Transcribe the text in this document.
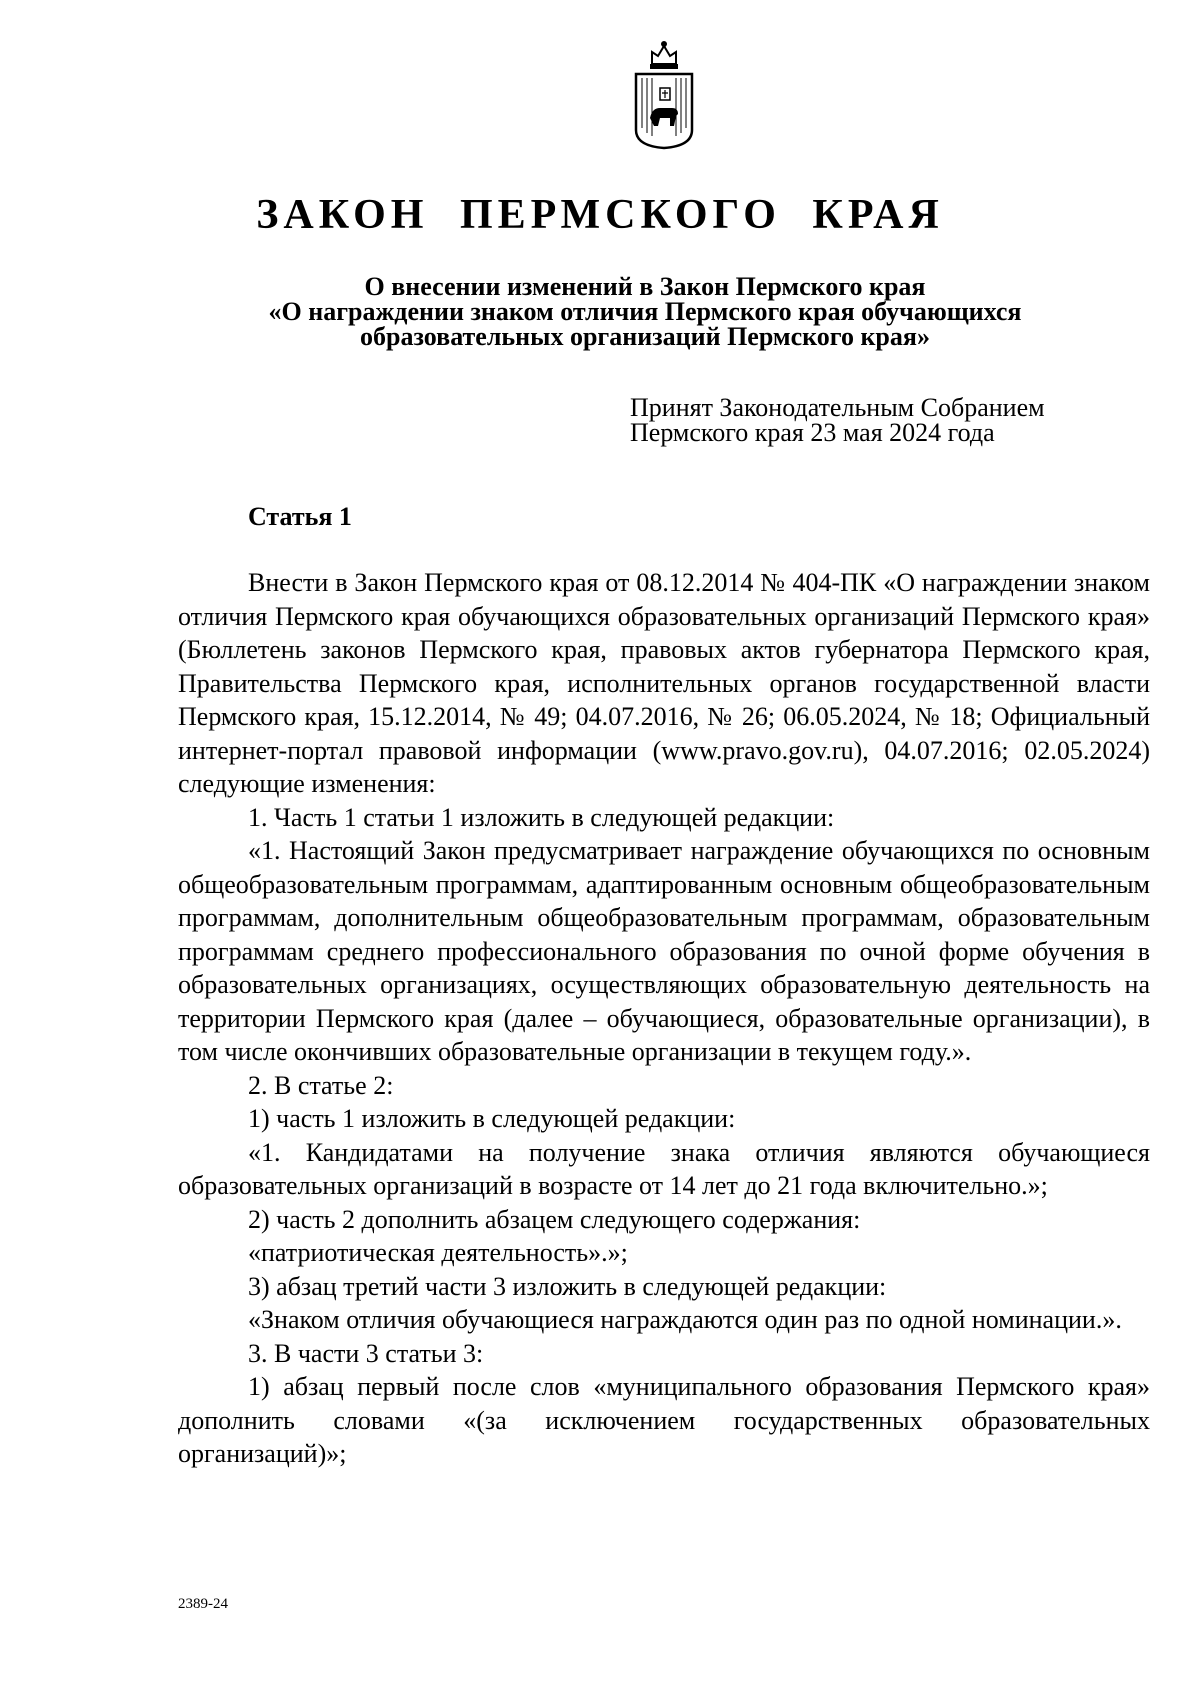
ЗАКОН ПЕРМСКОГО КРАЯ
О внесении изменений в Закон Пермского края
«О награждении знаком отличия Пермского края обучающихся
образовательных организаций Пермского края»
Принят Законодательным Собранием
Пермского края 23 мая 2024 года
Статья 1

Внести в Закон Пермского края от 08.12.2014 № 404-ПК «О награждении знаком отличия Пермского края обучающихся образовательных организаций Пермского края» (Бюллетень законов Пермского края, правовых актов губернатора Пермского края, Правительства Пермского края, исполнительных органов государственной власти Пермского края, 15.12.2014, № 49; 04.07.2016, № 26; 06.05.2024, № 18; Официальный интернет-портал правовой информации (www.pravo.gov.ru), 04.07.2016; 02.05.2024) следующие изменения:

1. Часть 1 статьи 1 изложить в следующей редакции:

«1. Настоящий Закон предусматривает награждение обучающихся по основным общеобразовательным программам, адаптированным основным общеобразовательным программам, дополнительным общеобразовательным программам, образовательным программам среднего профессионального образования по очной форме обучения в образовательных организациях, осуществляющих образовательную деятельность на территории Пермского края (далее – обучающиеся, образовательные организации), в том числе окончивших образовательные организации в текущем году.».

2. В статье 2:

1) часть 1 изложить в следующей редакции:

«1. Кандидатами на получение знака отличия являются обучающиеся образовательных организаций в возрасте от 14 лет до 21 года включительно.»;

2) часть 2 дополнить абзацем следующего содержания:

«патриотическая деятельность».»;

3) абзац третий части 3 изложить в следующей редакции:

«Знаком отличия обучающиеся награждаются один раз по одной номинации.».

3. В части 3 статьи 3:

1) абзац первый после слов «муниципального образования Пермского края» дополнить словами «(за исключением государственных образовательных организаций)»;

2389-24
